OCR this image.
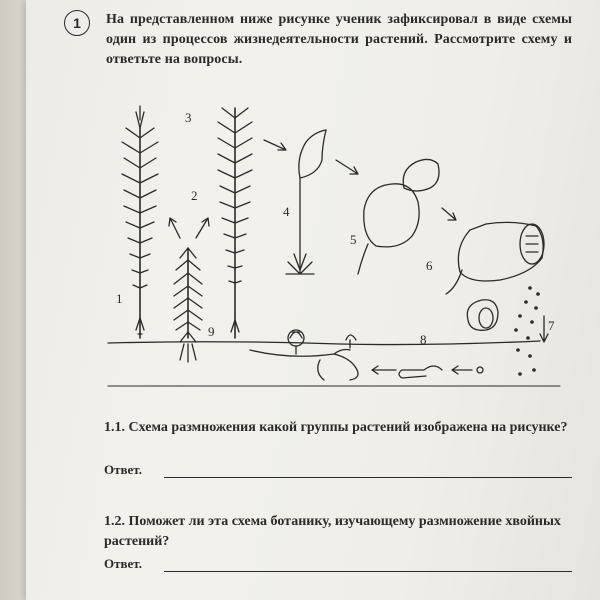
1	На представленном ниже рисунке ученик зафиксировал в виде схемы один из процессов жизнедеятельности растений. Рассмотрите схему и ответьте на вопросы.
1
2
3
4
5
6
7
8
9
1.1. Схема размножения какой группы растений изображена на рисунке?
Ответ.
1.2. Поможет ли эта схема ботанику, изучающему размножение хвойных растений?
Ответ.
